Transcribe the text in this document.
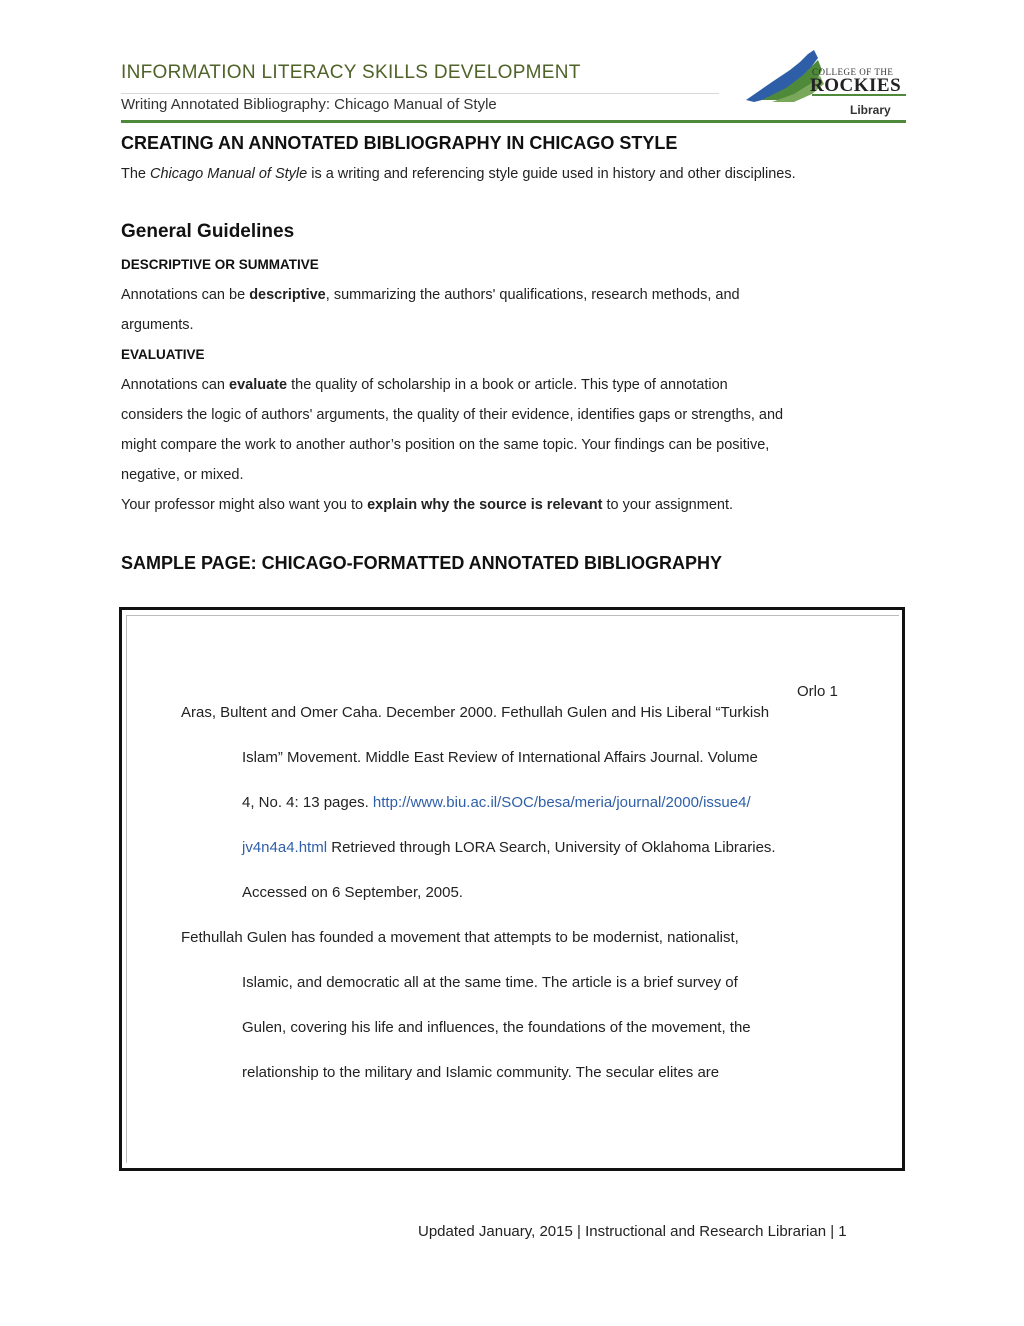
INFORMATION LITERACY SKILLS DEVELOPMENT
Writing Annotated Bibliography: Chicago Manual of Style
COLLEGE OF THE
ROCKIES
Library
CREATING AN ANNOTATED BIBLIOGRAPHY IN CHICAGO STYLE
The Chicago Manual of Style is a writing and referencing style guide used in history and other disciplines.
General Guidelines
DESCRIPTIVE OR SUMMATIVE
Annotations can be descriptive, summarizing the authors' qualifications, research methods, and
arguments.
EVALUATIVE
Annotations can evaluate the quality of scholarship in a book or article. This type of annotation
considers the logic of authors' arguments, the quality of their evidence, identifies gaps or strengths, and
might compare the work to another author’s position on the same topic. Your findings can be positive,
negative, or mixed.
Your professor might also want you to explain why the source is relevant to your assignment.
SAMPLE PAGE: CHICAGO-FORMATTED ANNOTATED BIBLIOGRAPHY
Orlo 1
Aras, Bultent and Omer Caha. December 2000. Fethullah Gulen and His Liberal “Turkish
Islam” Movement. Middle East Review of International Affairs Journal. Volume
4, No. 4: 13 pages. http://www.biu.ac.il/SOC/besa/meria/journal/2000/issue4/
jv4n4a4.html Retrieved through LORA Search, University of Oklahoma Libraries.
Accessed on 6 September, 2005.
Fethullah Gulen has founded a movement that attempts to be modernist, nationalist,
Islamic, and democratic all at the same time. The article is a brief survey of
Gulen, covering his life and influences, the foundations of the movement, the
relationship to the military and Islamic community. The secular elites are
Updated January, 2015 | Instructional and Research Librarian | 1
